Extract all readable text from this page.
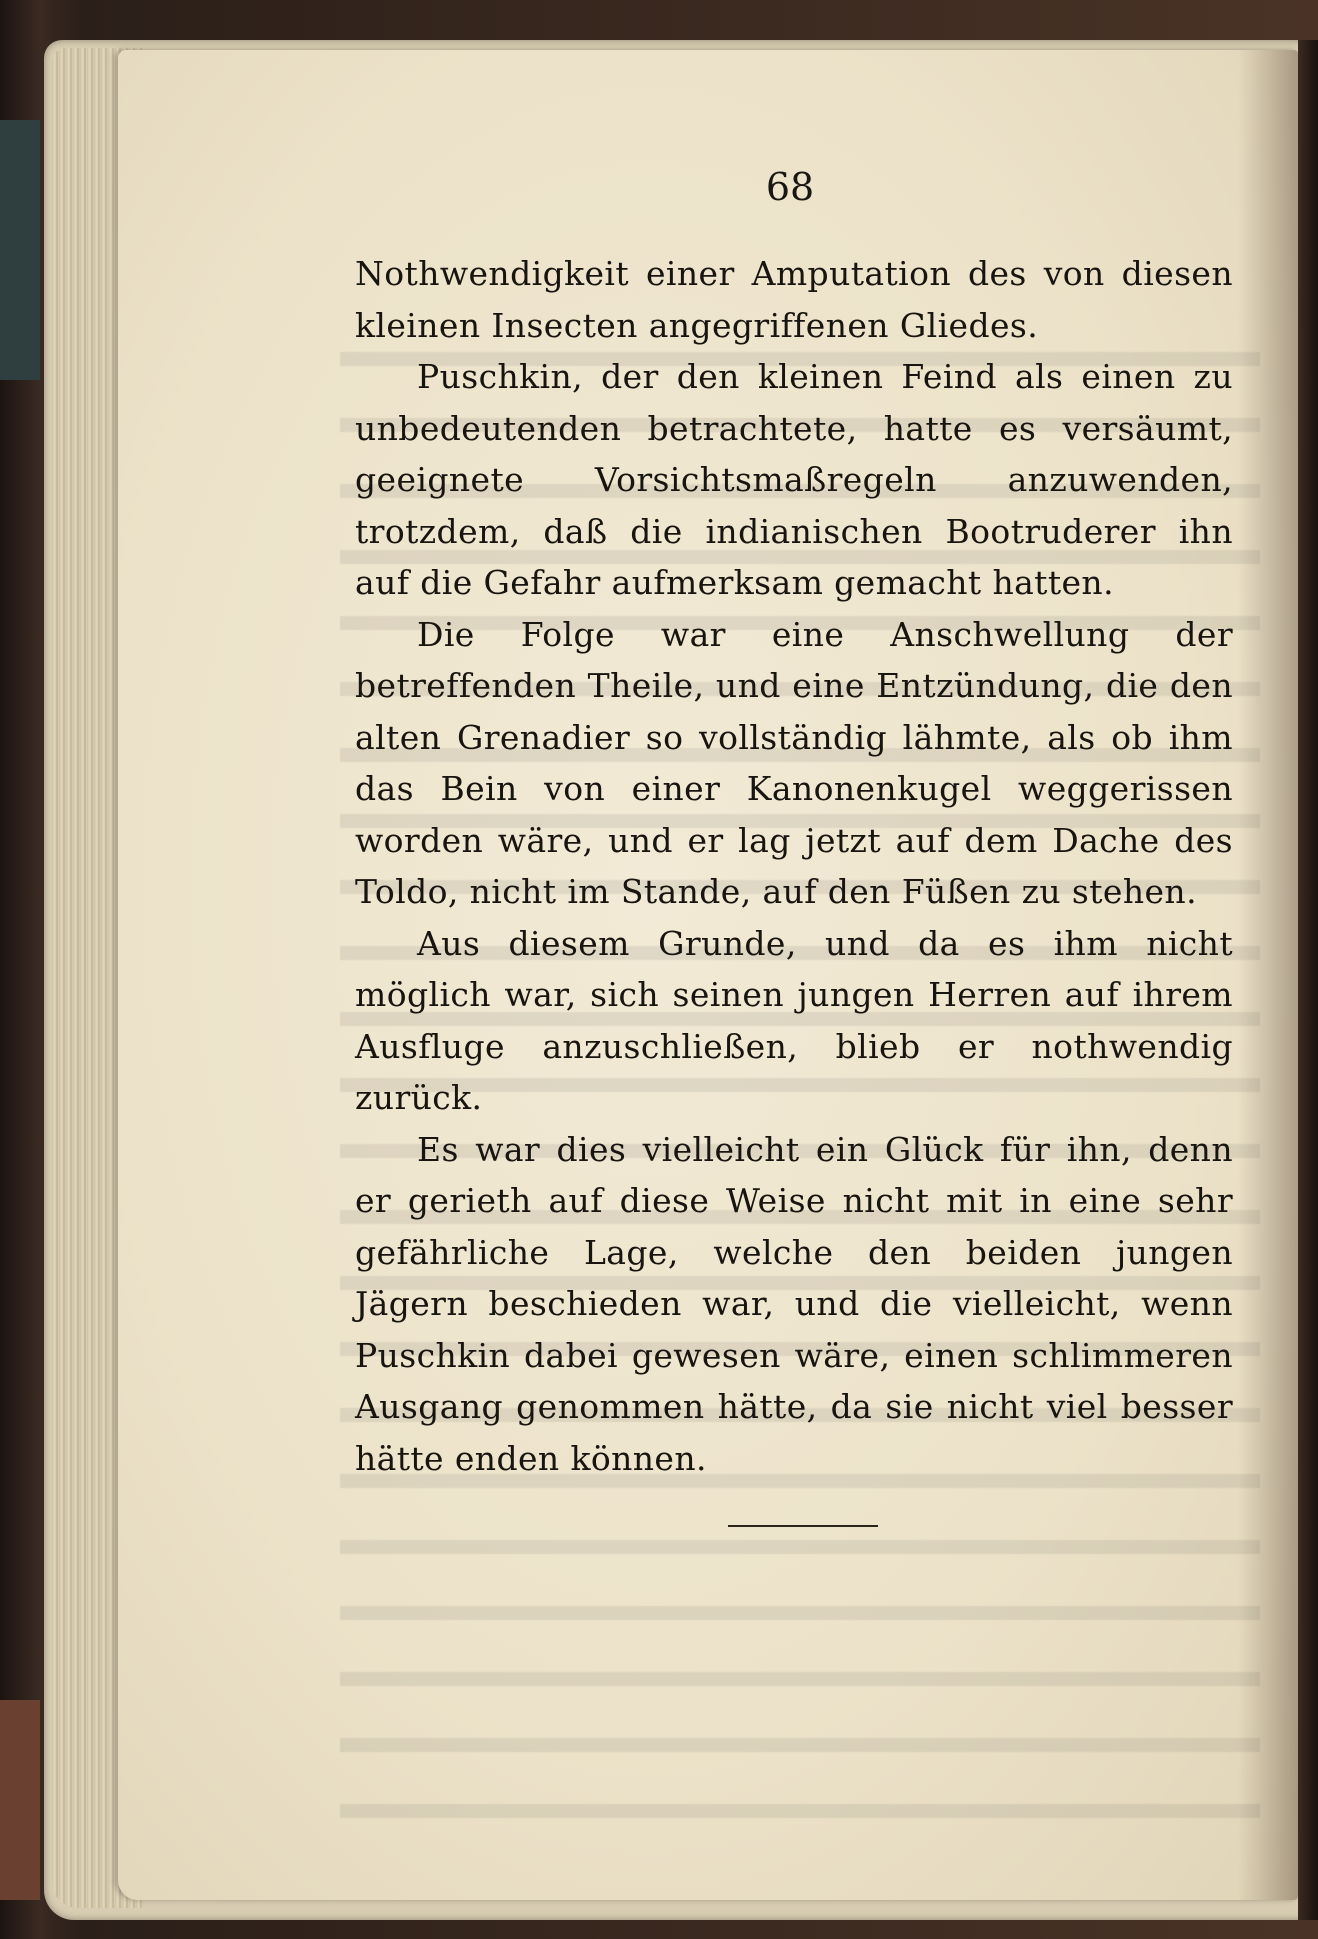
68

Nothwendigkeit einer Amputation des von diesen kleinen Insecten angegriffenen Gliedes.

Puschkin, der den kleinen Feind als einen zu unbedeutenden betrachtete, hatte es versäumt, geeignete Vorsichtsmaßregeln anzuwenden, trotzdem, daß die indianischen Bootruderer ihn auf die Gefahr aufmerksam gemacht hatten.

Die Folge war eine Anschwellung der betreffenden Theile, und eine Entzündung, die den alten Grenadier so vollständig lähmte, als ob ihm das Bein von einer Kanonenkugel weggerissen worden wäre, und er lag jetzt auf dem Dache des Toldo, nicht im Stande, auf den Füßen zu stehen.

Aus diesem Grunde, und da es ihm nicht möglich war, sich seinen jungen Herren auf ihrem Ausfluge anzuschließen, blieb er nothwendig zurück.

Es war dies vielleicht ein Glück für ihn, denn er gerieth auf diese Weise nicht mit in eine sehr gefährliche Lage, welche den beiden jungen Jägern beschieden war, und die vielleicht, wenn Puschkin dabei gewesen wäre, einen schlimmeren Ausgang genommen hätte, da sie nicht viel besser hätte enden können.
